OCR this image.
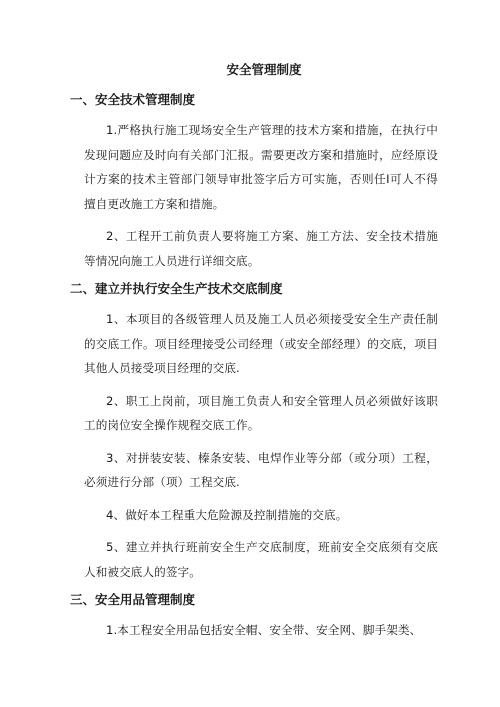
安全管理制度
一、安全技术管理制度

1.严格执行施工现场安全生产管理的技术方案和措施，在执行中发现问题应及时向有关部门汇报。需要更改方案和措施时，应经原设计方案的技术主管部门领导审批签字后方可实施，否则任Ⅰ可人不得擅自更改施工方案和措施。

2、工程开工前负责人要将施工方案、施工方法、安全技术措施等情况向施工人员进行详细交底。

二、建立并执行安全生产技术交底制度

1、本项目的各级管理人员及施工人员必须接受安全生产责任制的交底工作。项目经理接受公司经理（或安全部经理）的交底，项目其他人员接受项目经理的交底.

2、职工上岗前，项目施工负责人和安全管理人员必须做好该职工的岗位安全操作规程交底工作。

3、对拼装安装、榛条安装、电焊作业等分部（或分项）工程，必须进行分部（项）工程交底.

4、做好本工程重大危险源及控制措施的交底。

5、建立并执行班前安全生产交底制度，班前安全交底须有交底人和被交底人的签字。

三、安全用品管理制度

1.本工程安全用品包括安全帽、安全带、安全网、脚手架类、
